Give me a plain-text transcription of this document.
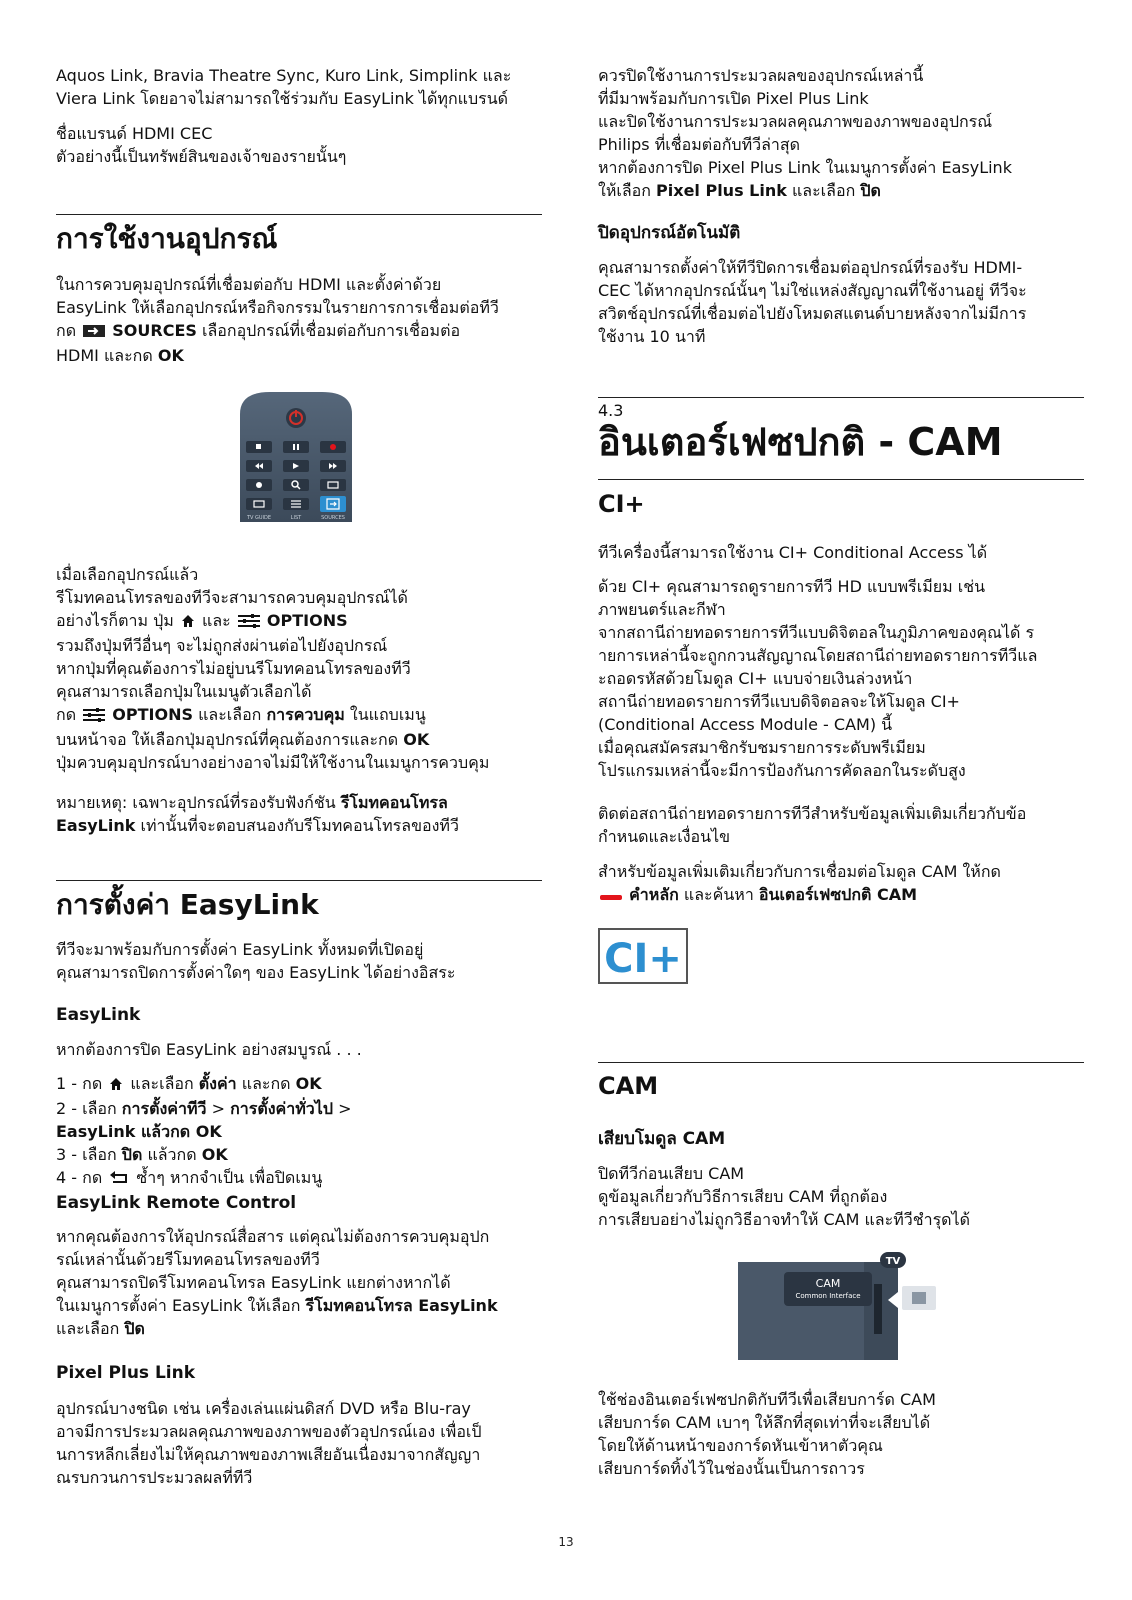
Aquos Link, Bravia Theatre Sync, Kuro Link, Simplink และ

Viera Link โดยอาจไม่สามารถใช้ร่วมกับ EasyLink ได้ทุกแบรนด์

ชื่อแบรนด์ HDMI CEC

ตัวอย่างนี้เป็นทรัพย์สินของเจ้าของรายนั้นๆ

การใช้งานอุปกรณ์

ในการควบคุมอุปกรณ์ที่เชื่อมต่อกับ HDMI และตั้งค่าด้วย

EasyLink ให้เลือกอุปกรณ์หรือกิจกรรมในรายการการเชื่อมต่อทีวี

กด SOURCES เลือกอุปกรณ์ที่เชื่อมต่อกับการเชื่อมต่อ

HDMI และกด OK

TV GUIDE	LIST	SOURCES

เมื่อเลือกอุปกรณ์แล้ว

รีโมทคอนโทรลของทีวีจะสามารถควบคุมอุปกรณ์ได้

อย่างไรก็ตาม ปุ่ม และ OPTIONS

รวมถึงปุ่มทีวีอื่นๆ จะไม่ถูกส่งผ่านต่อไปยังอุปกรณ์

หากปุ่มที่คุณต้องการไม่อยู่บนรีโมทคอนโทรลของทีวี

คุณสามารถเลือกปุ่มในเมนูตัวเลือกได้

กด OPTIONS และเลือก การควบคุม ในแถบเมนู

บนหน้าจอ ให้เลือกปุ่มอุปกรณ์ที่คุณต้องการและกด OK

ปุ่มควบคุมอุปกรณ์บางอย่างอาจไม่มีให้ใช้งานในเมนูการควบคุม

หมายเหตุ: เฉพาะอุปกรณ์ที่รองรับฟังก์ชัน รีโมทคอนโทรล

EasyLink เท่านั้นที่จะตอบสนองกับรีโมทคอนโทรลของทีวี

การตั้งค่า EasyLink

ทีวีจะมาพร้อมกับการตั้งค่า EasyLink ทั้งหมดที่เปิดอยู่

คุณสามารถปิดการตั้งค่าใดๆ ของ EasyLink ได้อย่างอิสระ

EasyLink

หากต้องการปิด EasyLink อย่างสมบูรณ์ . . .

1 - กด และเลือก ตั้งค่า และกด OK

2 - เลือก การตั้งค่าทีวี > การตั้งค่าทั่วไป >

EasyLink แล้วกด OK

3 - เลือก ปิด แล้วกด OK

4 - กด ซ้ำๆ หากจำเป็น เพื่อปิดเมนู

EasyLink Remote Control

หากคุณต้องการให้อุปกรณ์สื่อสาร แต่คุณไม่ต้องการควบคุมอุปก

รณ์เหล่านั้นด้วยรีโมทคอนโทรลของทีวี

คุณสามารถปิดรีโมทคอนโทรล EasyLink แยกต่างหากได้

ในเมนูการตั้งค่า EasyLink ให้เลือก รีโมทคอนโทรล EasyLink

และเลือก ปิด

Pixel Plus Link

อุปกรณ์บางชนิด เช่น เครื่องเล่นแผ่นดิสก์ DVD หรือ Blu-ray

อาจมีการประมวลผลคุณภาพของภาพของตัวอุปกรณ์เอง เพื่อเป็

นการหลีกเลี่ยงไม่ให้คุณภาพของภาพเสียอันเนื่องมาจากสัญญา

ณรบกวนการประมวลผลที่ทีวี

ควรปิดใช้งานการประมวลผลของอุปกรณ์เหล่านี้

ที่มีมาพร้อมกับการเปิด Pixel Plus Link

และปิดใช้งานการประมวลผลคุณภาพของภาพของอุปกรณ์

Philips ที่เชื่อมต่อกับทีวีล่าสุด

หากต้องการปิด Pixel Plus Link ในเมนูการตั้งค่า EasyLink

ให้เลือก Pixel Plus Link และเลือก ปิด

ปิดอุปกรณ์อัตโนมัติ

คุณสามารถตั้งค่าให้ทีวีปิดการเชื่อมต่ออุปกรณ์ที่รองรับ HDMI-

CEC ได้หากอุปกรณ์นั้นๆ ไม่ใช่แหล่งสัญญาณที่ใช้งานอยู่ ทีวีจะ

สวิตช์อุปกรณ์ที่เชื่อมต่อไปยังโหมดสแตนด์บายหลังจากไม่มีการ

ใช้งาน 10 นาที

4.3
อินเตอร์เฟซปกติ - CAM
CI+

ทีวีเครื่องนี้สามารถใช้งาน CI+ Conditional Access ได้

ด้วย CI+ คุณสามารถดูรายการทีวี HD แบบพรีเมียม เช่น

ภาพยนตร์และกีฬา

จากสถานีถ่ายทอดรายการทีวีแบบดิจิตอลในภูมิภาคของคุณได้ ร

ายการเหล่านี้จะถูกกวนสัญญาณโดยสถานีถ่ายทอดรายการทีวีแล

ะถอดรหัสด้วยโมดูล CI+ แบบจ่ายเงินล่วงหน้า

สถานีถ่ายทอดรายการทีวีแบบดิจิตอลจะให้โมดูล CI+

(Conditional Access Module - CAM) นี้

เมื่อคุณสมัครสมาชิกรับชมรายการระดับพรีเมียม

โปรแกรมเหล่านี้จะมีการป้องกันการคัดลอกในระดับสูง

ติดต่อสถานีถ่ายทอดรายการทีวีสำหรับข้อมูลเพิ่มเติมเกี่ยวกับข้อ

กำหนดและเงื่อนไข

สำหรับข้อมูลเพิ่มเติมเกี่ยวกับการเชื่อมต่อโมดูล CAM ให้กด

คำหลัก และค้นหา อินเตอร์เฟซปกติ CAM

CI+
CAM
เสียบโมดูล CAM

ปิดทีวีก่อนเสียบ CAM

ดูข้อมูลเกี่ยวกับวิธีการเสียบ CAM ที่ถูกต้อง

การเสียบอย่างไม่ถูกวิธีอาจทำให้ CAM และทีวีชำรุดได้

CAM
Common Interface
TV

ใช้ช่องอินเตอร์เฟซปกติกับทีวีเพื่อเสียบการ์ด CAM

เสียบการ์ด CAM เบาๆ ให้ลึกที่สุดเท่าที่จะเสียบได้

โดยให้ด้านหน้าของการ์ดหันเข้าหาตัวคุณ

เสียบการ์ดทิ้งไว้ในช่องนั้นเป็นการถาวร

13
